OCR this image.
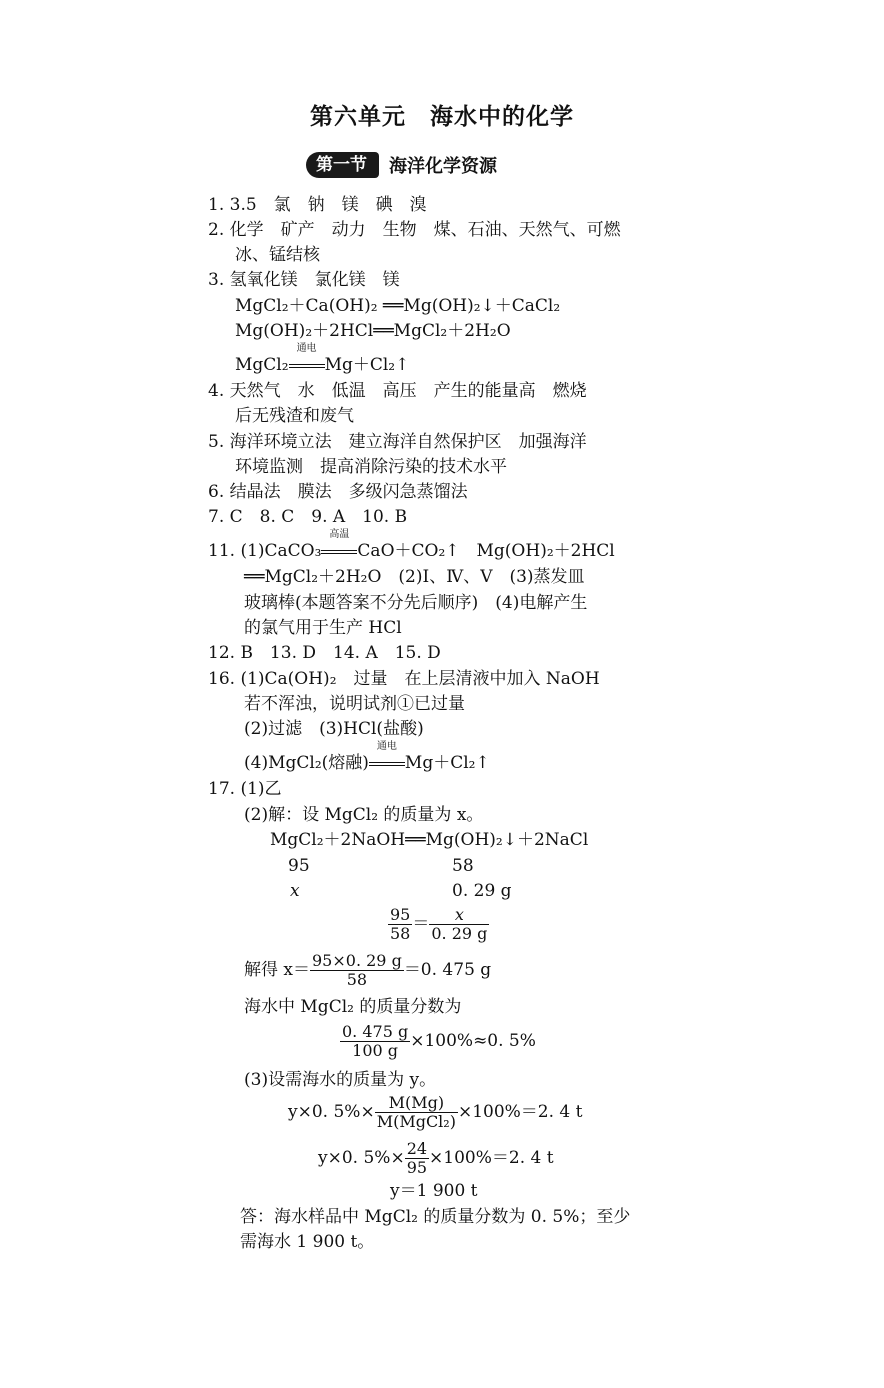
第六单元　海水中的化学
第一节	海洋化学资源
1. 3.5　氯　钠　镁　碘　溴
2. 化学　矿产　动力　生物　煤、石油、天然气、可燃
冰、锰结核
3. 氢氧化镁　氯化镁　镁
MgCl₂＋Ca(OH)₂ ══Mg(OH)₂↓＋CaCl₂
Mg(OH)₂＋2HCl══MgCl₂＋2H₂O
MgCl₂
通电
Mg＋Cl₂↑
4. 天然气　水　低温　高压　产生的能量高　燃烧
后无残渣和废气
5. 海洋环境立法　建立海洋自然保护区　加强海洋
环境监测　提高消除污染的技术水平
6. 结晶法　膜法　多级闪急蒸馏法
7. C　8. C　9. A　10. B
11. (1)CaCO₃
高温
CaO＋CO₂↑　Mg(OH)₂＋2HCl
══MgCl₂＋2H₂O　(2)Ⅰ、Ⅳ、Ⅴ　(3)蒸发皿
玻璃棒(本题答案不分先后顺序)　(4)电解产生
的氯气用于生产 HCl
12. B　13. D　14. A　15. D
16. (1)Ca(OH)₂　过量　在上层清液中加入 NaOH
若不浑浊，说明试剂①已过量
(2)过滤　(3)HCl(盐酸)
(4)MgCl₂(熔融)
通电
Mg＋Cl₂↑
17. (1)乙
(2)解：设 MgCl₂ 的质量为 x。
MgCl₂＋2NaOH══Mg(OH)₂↓＋2NaCl
95	58
x	0. 29 g
$\frac{95}{58} = \frac{x}{0. 29 g}$
解得 $x= \frac{95\times 0. 29 g}{58} =0$. 475 g
海水中 MgCl₂ 的质量分数为
$\frac{0. 475 g}{100 g} \times 100\%\approx 0$. 5%
(3)设需海水的质量为 y。
y×0. $5\%\times \frac{M(Mg)}{\text{M(MgCl₂)}} \times 100\%=2$. 4 t
y×0. $5\%\times \frac{24}{95} \times 100\%=2$. 4 t
y＝1 900 t
答：海水样品中 MgCl₂ 的质量分数为 0. 5%；至少
需海水 1 900 t。
